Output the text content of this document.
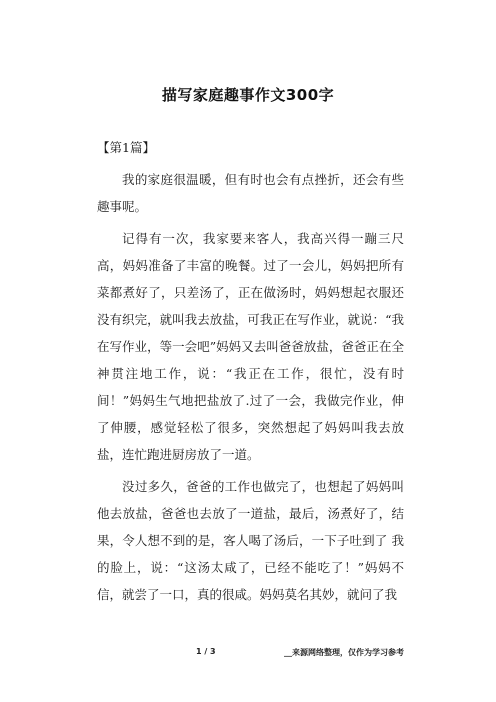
描写家庭趣事作文300字

【第1篇】

我的家庭很温暖，但有时也会有点挫折，还会有些趣事呢。

记得有一次，我家要来客人，我高兴得一蹦三尺高，妈妈准备了丰富的晚餐。过了一会儿，妈妈把所有菜都煮好了，只差汤了，正在做汤时，妈妈想起衣服还 没有织完，就叫我去放盐，可我正在写作业，就说：“我在写作业，等一会吧”妈妈又去叫爸爸放盐，爸爸正在全神贯注地工作，说：“我正在工作，很忙，没有时 间！”妈妈生气地把盐放了.过了一会，我做完作业，伸了伸腰，感觉轻松了很多，突然想起了妈妈叫我去放盐，连忙跑进厨房放了一道。

没过多久，爸爸的工作也做完了，也想起了妈妈叫他去放盐，爸爸也去放了一道盐，最后，汤煮好了，结果，令人想不到的是，客人喝了汤后，一下子吐到了 我的脸上，说：“这汤太咸了，已经不能吃了！”妈妈不信，就尝了一口，真的很咸。妈妈莫名其妙，就问了我

1 / 3	__来源网络整理，仅作为学习参考
